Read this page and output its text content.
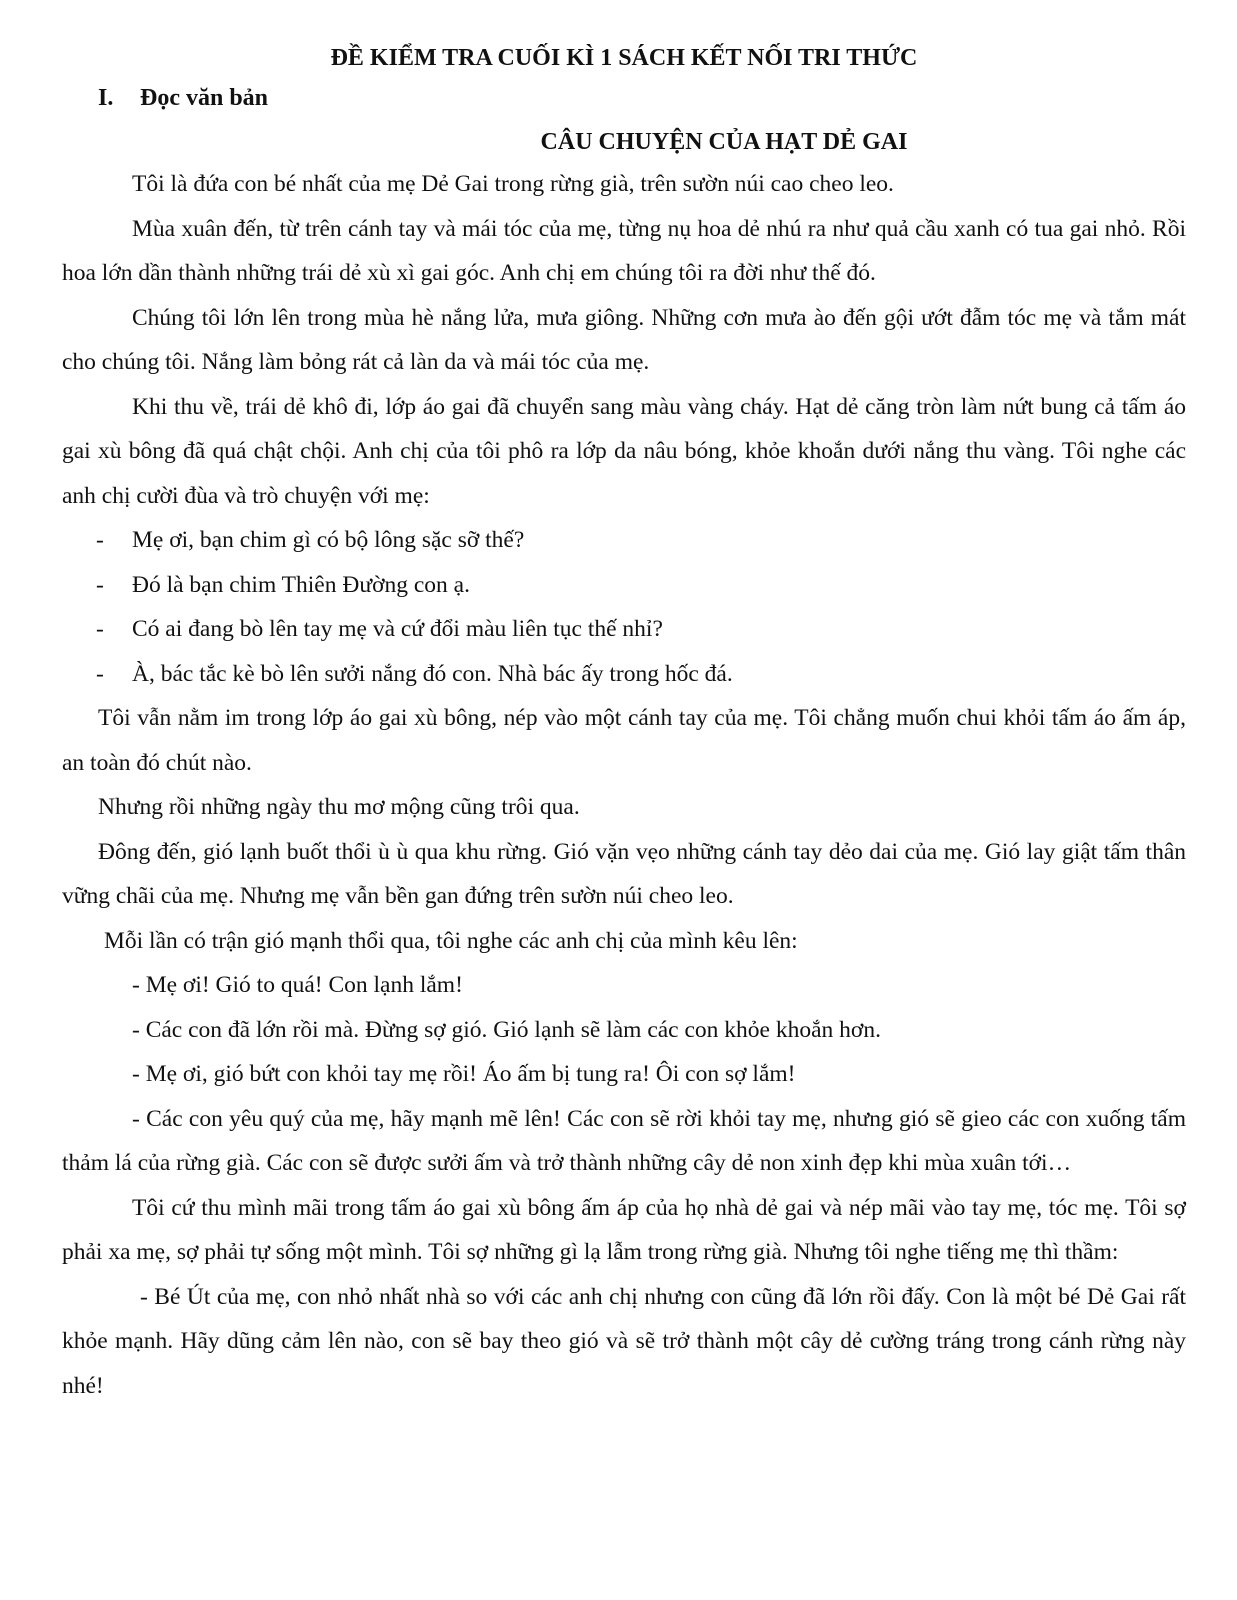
ĐỀ KIỂM TRA CUỐI KÌ 1 SÁCH KẾT NỐI TRI THỨC
I. Đọc văn bản
CÂU CHUYỆN CỦA HẠT DẺ GAI

Tôi là đứa con bé nhất của mẹ Dẻ Gai trong rừng già, trên sườn núi cao cheo leo.

Mùa xuân đến, từ trên cánh tay và mái tóc của mẹ, từng nụ hoa dẻ nhú ra như quả cầu xanh có tua gai nhỏ. Rồi hoa lớn dần thành những trái dẻ xù xì gai góc. Anh chị em chúng tôi ra đời như thế đó.

Chúng tôi lớn lên trong mùa hè nắng lửa, mưa giông. Những cơn mưa ào đến gội ướt đẫm tóc mẹ và tắm mát cho chúng tôi. Nắng làm bỏng rát cả làn da và mái tóc của mẹ.

Khi thu về, trái dẻ khô đi, lớp áo gai đã chuyển sang màu vàng cháy. Hạt dẻ căng tròn làm nứt bung cả tấm áo gai xù bông đã quá chật chội. Anh chị của tôi phô ra lớp da nâu bóng, khỏe khoắn dưới nắng thu vàng. Tôi nghe các anh chị cười đùa và trò chuyện với mẹ:

-	Mẹ ơi, bạn chim gì có bộ lông sặc sỡ thế?
-	Đó là bạn chim Thiên Đường con ạ.
-	Có ai đang bò lên tay mẹ và cứ đổi màu liên tục thế nhỉ?
-	À, bác tắc kè bò lên sưởi nắng đó con. Nhà bác ấy trong hốc đá.

Tôi vẫn nằm im trong lớp áo gai xù bông, nép vào một cánh tay của mẹ. Tôi chẳng muốn chui khỏi tấm áo ấm áp, an toàn đó chút nào.

Nhưng rồi những ngày thu mơ mộng cũng trôi qua.

Đông đến, gió lạnh buốt thổi ù ù qua khu rừng. Gió vặn vẹo những cánh tay dẻo dai của mẹ. Gió lay giật tấm thân vững chãi của mẹ. Nhưng mẹ vẫn bền gan đứng trên sườn núi cheo leo.

Mỗi lần có trận gió mạnh thổi qua, tôi nghe các anh chị của mình kêu lên:

- Mẹ ơi! Gió to quá! Con lạnh lắm!

- Các con đã lớn rồi mà. Đừng sợ gió. Gió lạnh sẽ làm các con khỏe khoắn hơn.

- Mẹ ơi, gió bứt con khỏi tay mẹ rồi! Áo ấm bị tung ra! Ôi con sợ lắm!

- Các con yêu quý của mẹ, hãy mạnh mẽ lên! Các con sẽ rời khỏi tay mẹ, nhưng gió sẽ gieo các con xuống tấm thảm lá của rừng già. Các con sẽ được sưởi ấm và trở thành những cây dẻ non xinh đẹp khi mùa xuân tới…

Tôi cứ thu mình mãi trong tấm áo gai xù bông ấm áp của họ nhà dẻ gai và nép mãi vào tay mẹ, tóc mẹ. Tôi sợ phải xa mẹ, sợ phải tự sống một mình. Tôi sợ những gì lạ lẫm trong rừng già. Nhưng tôi nghe tiếng mẹ thì thầm:

- Bé Út của mẹ, con nhỏ nhất nhà so với các anh chị nhưng con cũng đã lớn rồi đấy. Con là một bé Dẻ Gai rất khỏe mạnh. Hãy dũng cảm lên nào, con sẽ bay theo gió và sẽ trở thành một cây dẻ cường tráng trong cánh rừng này nhé!
